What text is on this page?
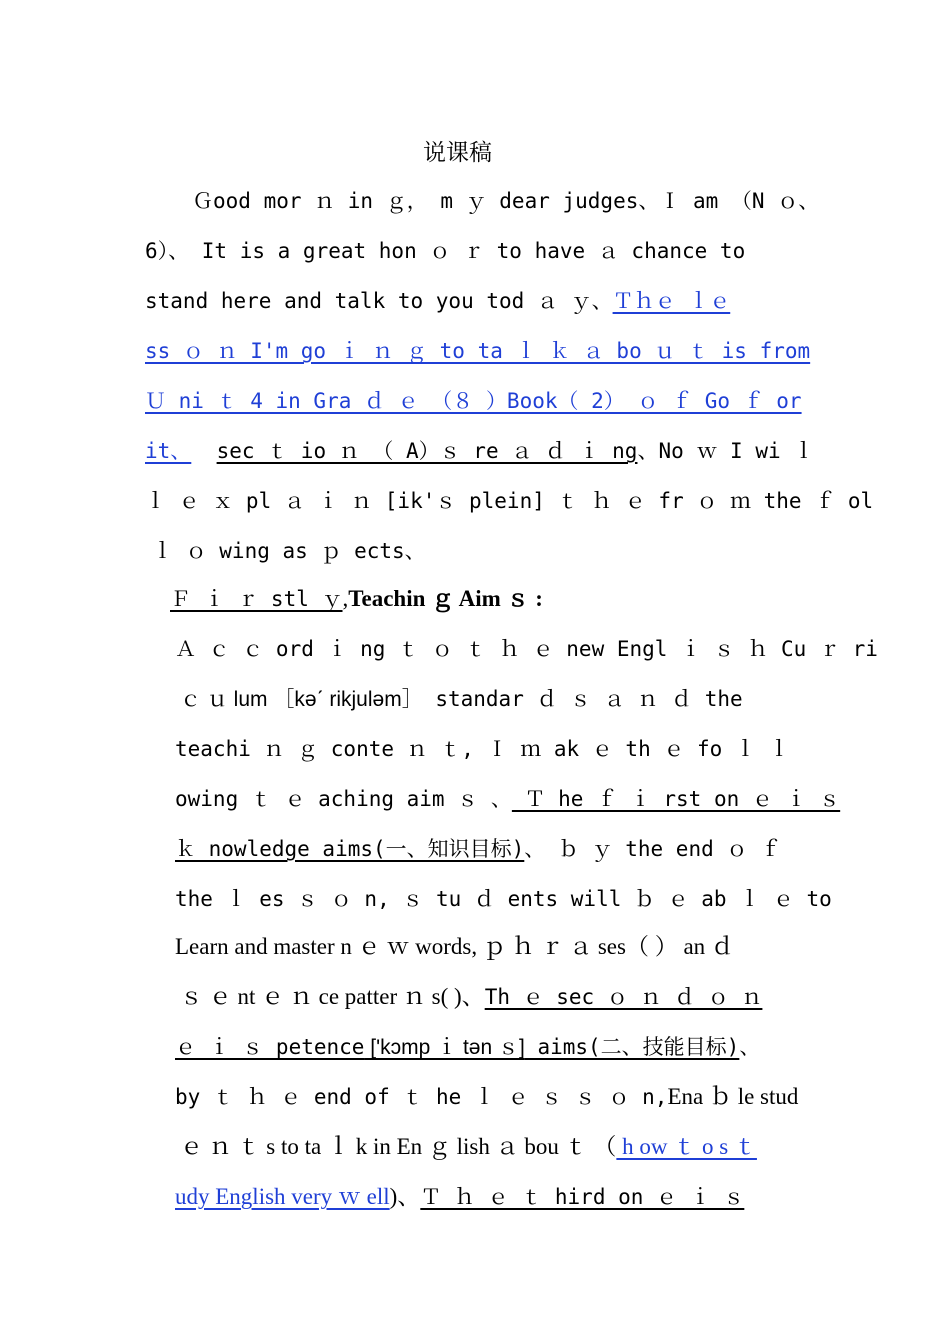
说课稿
Ｇood mor ｎ in ｇ， m ｙ dear judges、Ｉ am （N ｏ、
6）、 It is a great hon ｏ ｒ to have ａ chance to
stand here and talk to you tod ａ ｙ、Ｔｈｅ ｌｅ
ss ｏ ｎ I'm go ｉ ｎ ｇ to ta ｌ ｋ ａ bo ｕ ｔ is from
Ｕ ni ｔ 4 in Gra ｄ ｅ （８ ）Book（ 2） ｏ ｆ Go ｆ or
it、 sec ｔ io ｎ （ A）ｓ re ａ ｄ ｉ ng、No ｗ I wi ｌ
ｌ ｅ ｘ pl ａ ｉ ｎ [ik'ｓ plein] ｔ ｈ ｅ fr ｏ ｍ the ｆ ol
ｌ ｏ wing as ｐ ects、
Ｆ ｉ ｒ stl ｙ,Teachin ｇ Aim ｓ :
Ａ ｃ ｃ ord ｉ ng ｔ ｏ ｔ ｈ ｅ new Engl ｉ ｓ ｈ Cu ｒ ri
ｃ ｕ lum ［kəˊ rikjuləm］ standar ｄ ｓ ａ ｎ ｄ the
teachi ｎ ｇ conte ｎ ｔ, Ｉ ｍ ak ｅ th ｅ fo ｌ ｌ
owing ｔ ｅ aching aim ｓ 、 Ｔ he ｆ ｉ rst on ｅ ｉ ｓ
ｋ nowledge aims(一、知识目标)、 ｂ ｙ the end ｏ ｆ
the ｌ es ｓ ｏ n, ｓ tu ｄ ents will ｂ ｅ ab ｌ ｅ to
Learn and master n ｅ ｗ words, ｐ ｈ ｒ ａ ses（ ） an ｄ
ｓ ｅ nt ｅ ｎ ce patter ｎ s( )、Th ｅ sec ｏ ｎ ｄ ｏ ｎ
ｅ ｉ ｓ petence ['kɔmp ｉ tən ｓ] aims(二、技能目标)、
by ｔ ｈ ｅ end of ｔ he ｌ ｅ ｓ ｓ ｏ n,Ena ｂ le stud
ｅ ｎ ｔ s to ta ｌ k in En ｇ lish ａ bou ｔ （ h ow ｔ o s ｔ
udy English very ｗ ell)、Ｔ ｈ ｅ ｔ hird on ｅ ｉ ｓ
